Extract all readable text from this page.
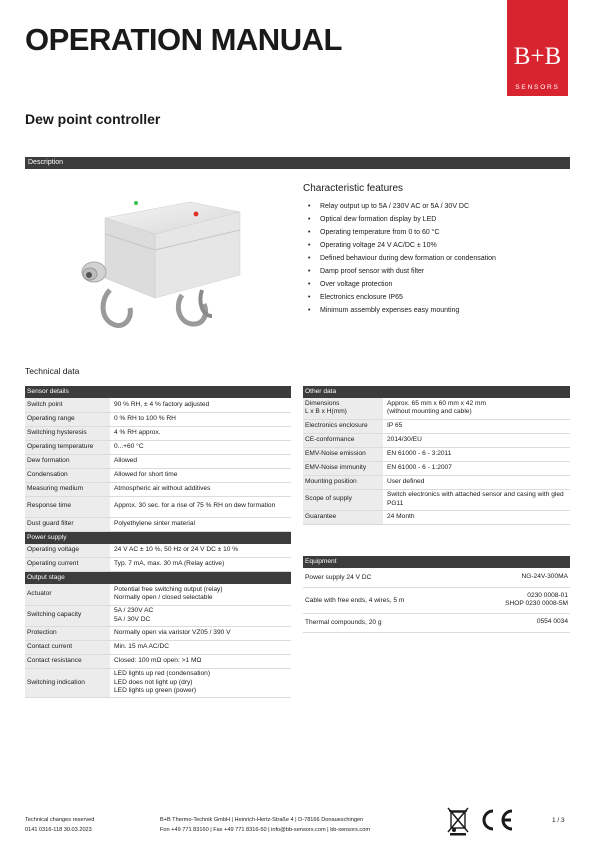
OPERATION MANUAL	B+B
SENSORS
Dew point controller
Description
Characteristic features
• Relay output up to 5A / 230V AC or 5A / 30V DC
• Optical dew formation display by LED
• Operating temperature from 0 to 60 °C
• Operating voltage 24 V AC/DC ± 10%
• Defined behaviour during dew formation or condensation
• Damp proof sensor with dust filter
• Over voltage protection
• Electronics enclosure IP65
• Minimum assembly expenses easy mounting
Technical data
Sensor details	

Switch point	90 % RH, ± 4 % factory adjusted
Operating range	0 % RH to 100 % RH
Switching hysteresis	4 % RH approx.
Operating temperature	0...+60 °C
Dew formation	Allowed
Condensation	Allowed for short time
Measuring medium	Atmospheric air without additives
Response time	Approx. 30 sec. for a rise of 75 % RH on dew formation
Dust guard filter	Polyethylene sinter material

Power supply	

Operating voltage	24 V AC ± 10 %, 50 Hz or 24 V DC ± 10 %
Operating current	Typ. 7 mA, max. 30 mA (Relay active)

Output stage	

Actuator	Potential free switching output (relay)
Normally open / closed selectable
Switching capacity	5A / 230V AC
5A / 30V DC
Protection	Normally open via varistor VZ05 / 390 V
Contact current	Min. 15 mA AC/DC
Contact resistance	Closed: 100 mΩ open: >1 MΩ
Switching indication	LED lights up red (condensation)
LED does not light up (dry)
LED lights up green (power)
Other data	

Dimensions
L x B x H(mm)	Approx. 65 mm x 60 mm x 42 mm
(without mounting and cable)
Electronics enclosure	IP 65
CE-conformance	2014/30/EU
EMV-Noise emission	EN 61000 - 6 - 3:2011
EMV-Noise immunity	EN 61000 - 6 - 1:2007
Mounting position	User defined
Scope of supply	Switch electronics with attached sensor and casing with gled PG11
Guarantee	24 Month
Equipment	

Power supply 24 V DC	NG-24V-300MA
Cable with free ends, 4 wires, 5 m	0230 0008-01
SHOP 0230 0008-5M
Thermal compounds, 20 g	0554 0034
Technical changes reserved
0141 0316-118 30.03.2023
B+B Thermo-Technik GmbH | Heinrich-Hertz-Straße 4 | D-78166 Donaueschingen
Fon +49 771 83160 | Fax +49 771 8316-50 | info@bb-sensors.com | bb-sensors.com
1 / 3
